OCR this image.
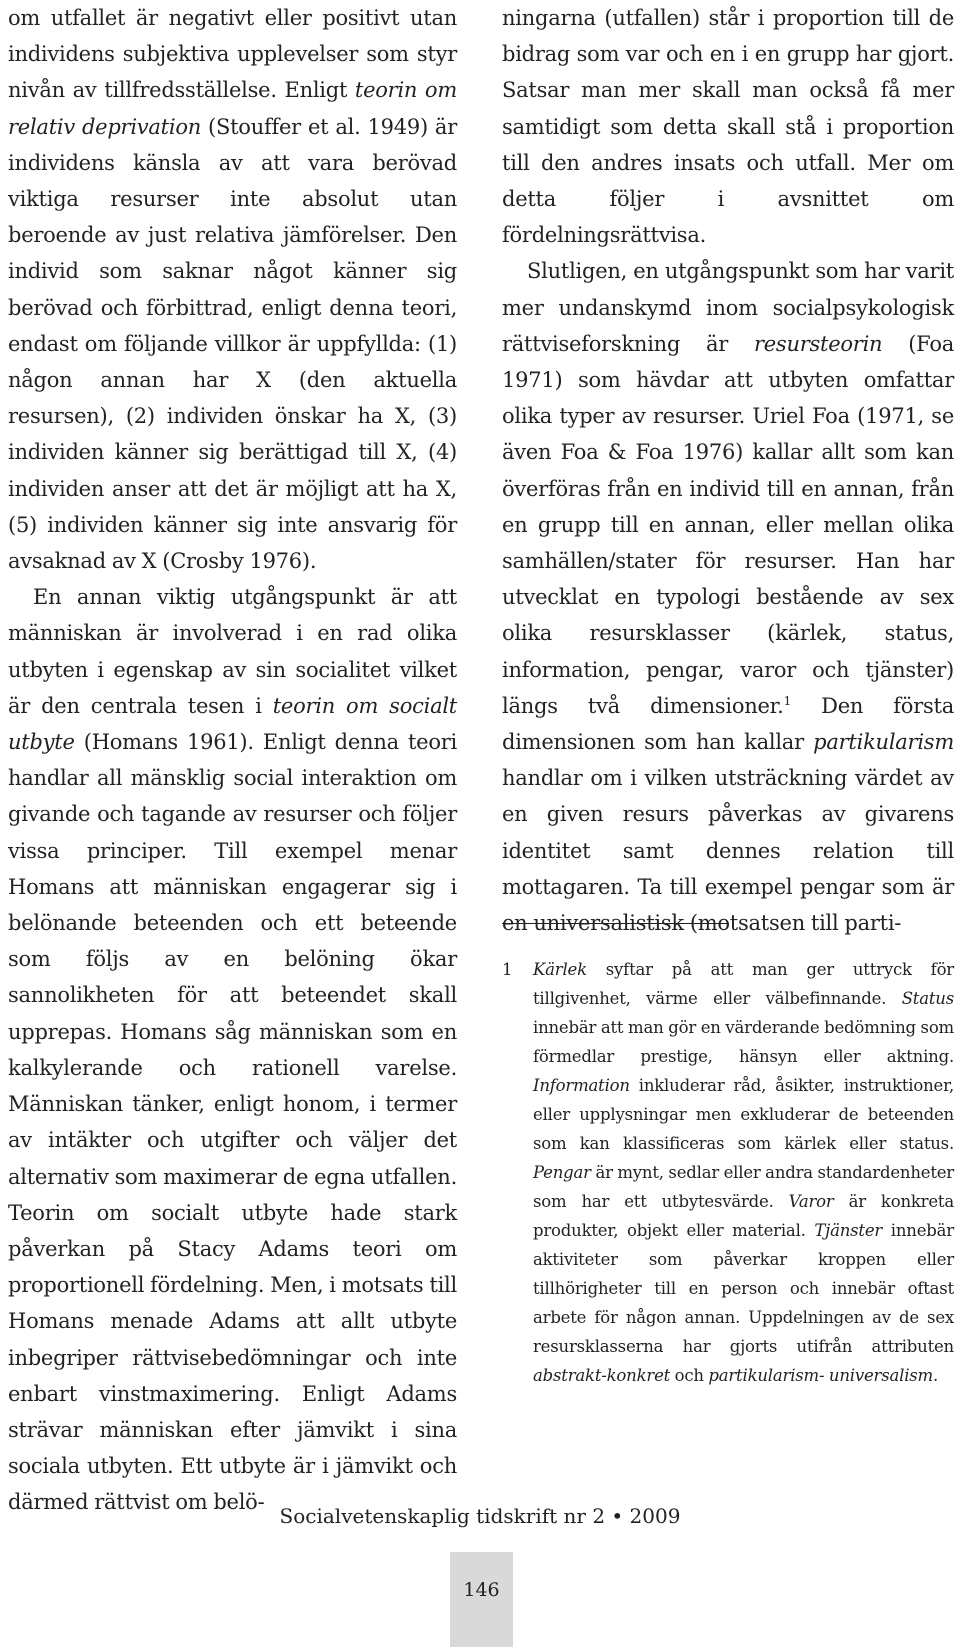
om utfallet är negativt eller positivt utan individens subjektiva upplevelser som styr nivån av tillfredsställelse. Enligt teorin om relativ deprivation (Stouffer et al. 1949) är individens känsla av att vara berövad viktiga resurser inte absolut utan beroende av just relativa jämförelser. Den individ som saknar något känner sig berövad och förbittrad, enligt denna teori, endast om följande villkor är uppfyllda: (1) någon annan har X (den aktuella resursen), (2) individen önskar ha X, (3) individen känner sig berättigad till X, (4) individen anser att det är möjligt att ha X, (5) individen känner sig inte ansvarig för avsaknad av X (Crosby 1976).

En annan viktig utgångspunkt är att människan är involverad i en rad olika utbyten i egenskap av sin socialitet vilket är den centrala tesen i teorin om socialt utbyte (Homans 1961). Enligt denna teori handlar all mänsklig social interaktion om givande och tagande av resurser och följer vissa principer. Till exempel menar Homans att människan engagerar sig i belönande beteenden och ett beteende som följs av en belöning ökar sannolikheten för att beteendet skall upprepas. Homans såg människan som en kalkylerande och rationell varelse. Människan tänker, enligt honom, i termer av intäkter och utgifter och väljer det alternativ som maximerar de egna utfallen. Teorin om socialt utbyte hade stark påverkan på Stacy Adams teori om proportionell fördelning. Men, i motsats till Homans menade Adams att allt utbyte inbegriper rättvisebedömningar och inte enbart vinstmaximering. Enligt Adams strävar människan efter jämvikt i sina sociala utbyten. Ett utbyte är i jämvikt och därmed rättvist om belö-

ningarna (utfallen) står i proportion till de bidrag som var och en i en grupp har gjort. Satsar man mer skall man också få mer samtidigt som detta skall stå i proportion till den andres insats och utfall. Mer om detta följer i avsnittet om fördelningsrättvisa.

Slutligen, en utgångspunkt som har varit mer undanskymd inom socialpsykologisk rättviseforskning är resursteorin (Foa 1971) som hävdar att utbyten omfattar olika typer av resurser. Uriel Foa (1971, se även Foa & Foa 1976) kallar allt som kan överföras från en individ till en annan, från en grupp till en annan, eller mellan olika samhällen/stater för resurser. Han har utvecklat en typologi bestående av sex olika resursklasser (kärlek, status, information, pengar, varor och tjänster) längs två dimensioner.$^1$ Den första dimensionen som han kallar partikularism handlar om i vilken utsträckning värdet av en given resurs påverkas av givarens identitet samt dennes relation till mottagaren. Ta till exempel pengar som är en universalistisk (motsatsen till parti-

1 Kärlek syftar på att man ger uttryck för tillgivenhet, värme eller välbefinnande. Status innebär att man gör en värderande bedömning som förmedlar prestige, hänsyn eller aktning. Information inkluderar råd, åsikter, instruktioner, eller upplysningar men exkluderar de beteenden som kan klassificeras som kärlek eller status. Pengar är mynt, sedlar eller andra standardenheter som har ett utbytesvärde. Varor är konkreta produkter, objekt eller material. Tjänster innebär aktiviteter som påverkar kroppen eller tillhörigheter till en person och innebär oftast arbete för någon annan. Uppdelningen av de sex resursklasserna har gjorts utifrån attributen abstrakt-konkret och partikularism- universalism.
Socialvetenskaplig tidskrift nr 2 • 2009
146
